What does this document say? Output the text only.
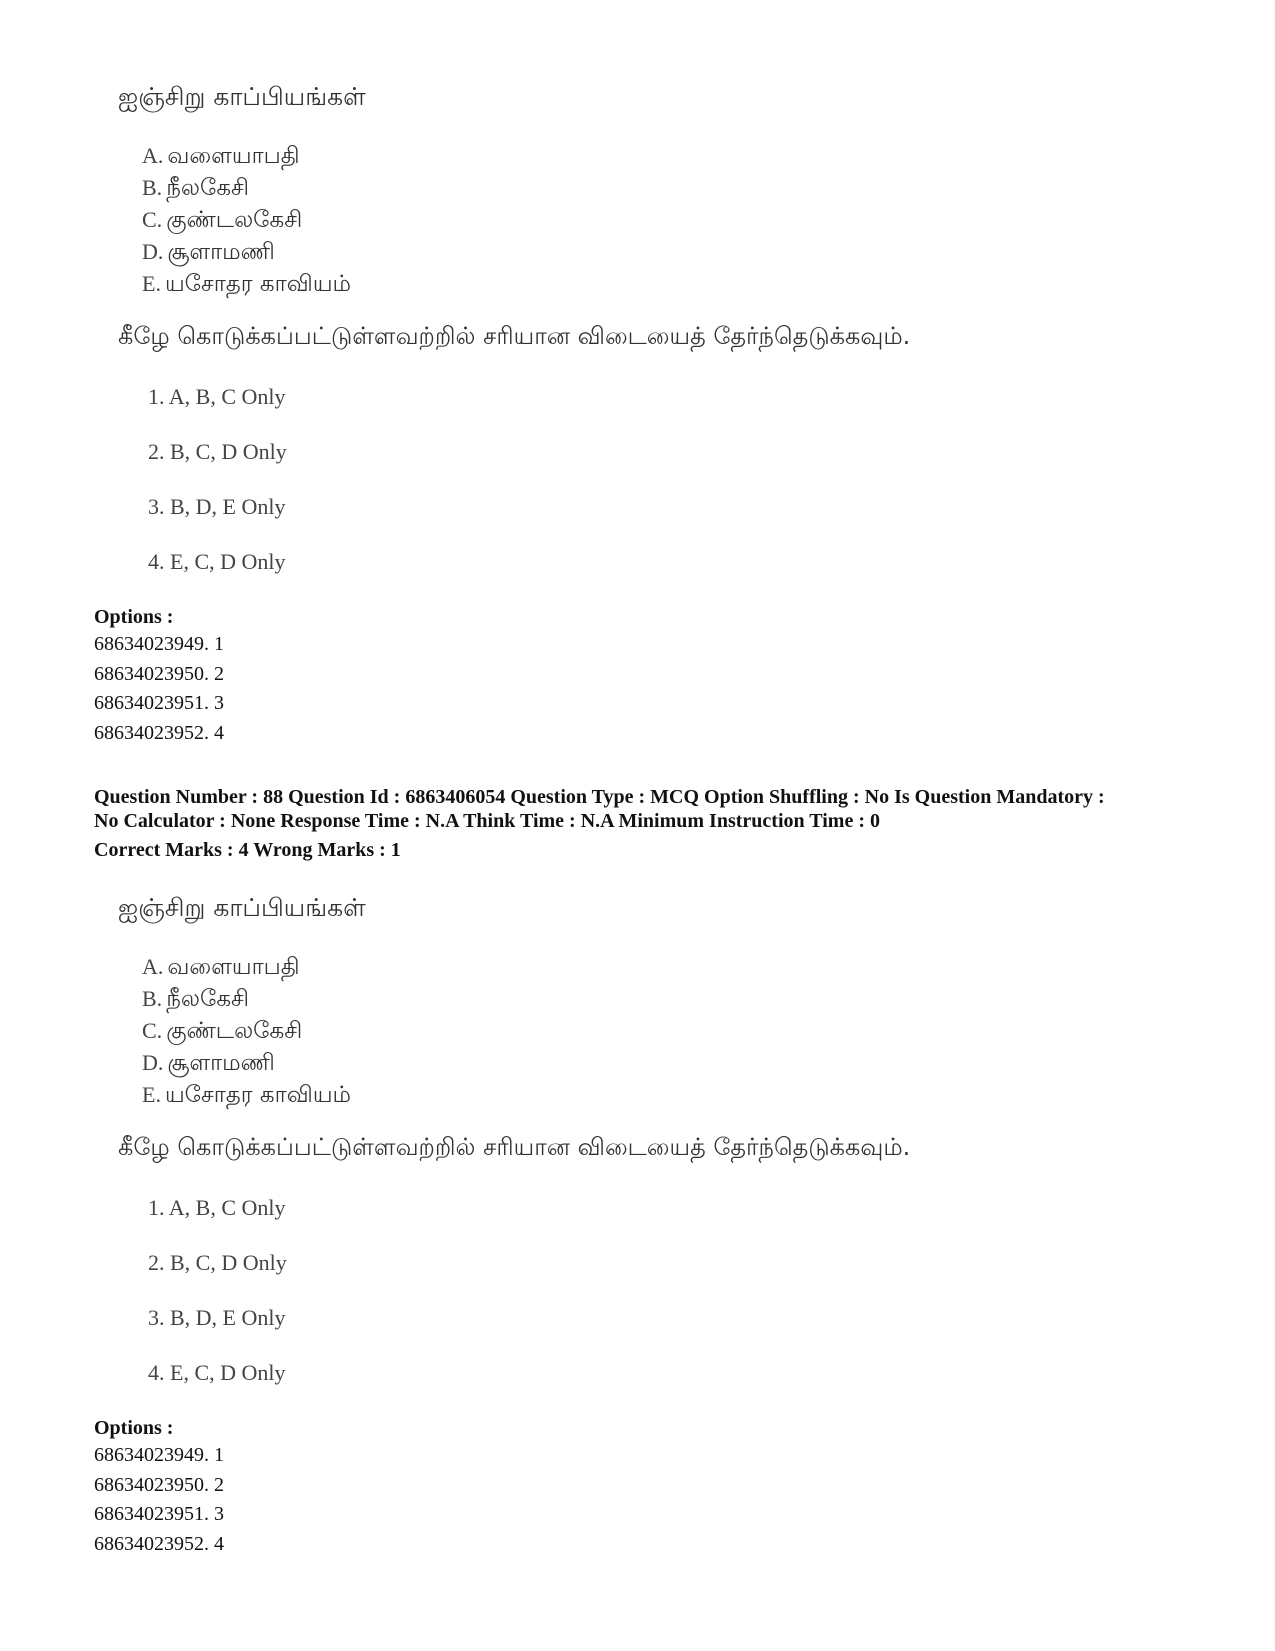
ஐஞ்சிறு காப்பியங்கள்
A. வளையாபதி
B. நீலகேசி
C. குண்டலகேசி
D. சூளாமணி
E. யசோதர காவியம்
கீழே கொடுக்கப்பட்டுள்ளவற்றில் சரியான விடையைத் தேர்ந்தெடுக்கவும்.
1. A, B, C Only
2. B, C, D Only
3. B, D, E Only
4. E, C, D Only
Options :
68634023949. 1
68634023950. 2
68634023951. 3
68634023952. 4
Question Number : 88 Question Id : 6863406054 Question Type : MCQ Option Shuffling : No Is Question Mandatory :
No Calculator : None Response Time : N.A Think Time : N.A Minimum Instruction Time : 0
Correct Marks : 4 Wrong Marks : 1
ஐஞ்சிறு காப்பியங்கள்
A. வளையாபதி
B. நீலகேசி
C. குண்டலகேசி
D. சூளாமணி
E. யசோதர காவியம்
கீழே கொடுக்கப்பட்டுள்ளவற்றில் சரியான விடையைத் தேர்ந்தெடுக்கவும்.
1. A, B, C Only
2. B, C, D Only
3. B, D, E Only
4. E, C, D Only
Options :
68634023949. 1
68634023950. 2
68634023951. 3
68634023952. 4
